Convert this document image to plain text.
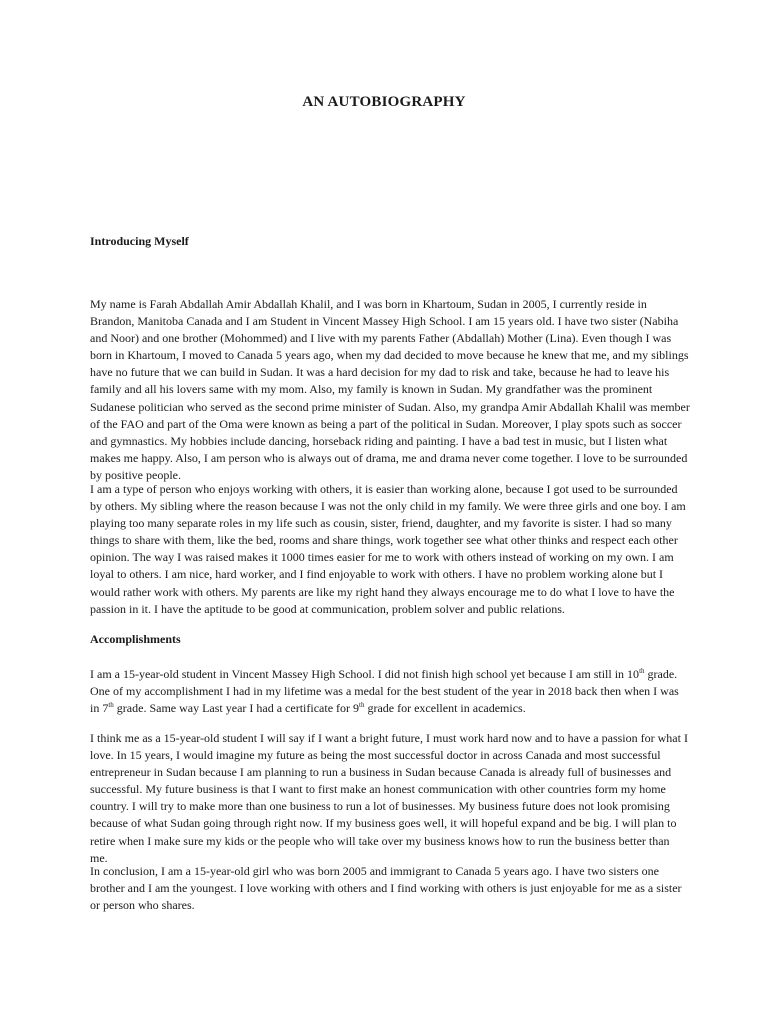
AN AUTOBIOGRAPHY
Introducing Myself
My name is Farah Abdallah Amir Abdallah Khalil, and I was born in Khartoum, Sudan in 2005, I currently reside in Brandon, Manitoba Canada and I am Student in Vincent Massey High School. I am 15 years old. I have two sister (Nabiha and Noor) and one brother (Mohommed) and I live with my parents Father (Abdallah) Mother (Lina). Even though I was born in Khartoum, I moved to Canada 5 years ago, when my dad decided to move because he knew that me, and my siblings have no future that we can build in Sudan. It was a hard decision for my dad to risk and take, because he had to leave his family and all his lovers same with my mom. Also, my family is known in Sudan. My grandfather was the prominent Sudanese politician who served as the second prime minister of Sudan. Also, my grandpa Amir Abdallah Khalil was member of the FAO and part of the Oma were known as being a part of the political in Sudan. Moreover, I play spots such as soccer and gymnastics. My hobbies include dancing, horseback riding and painting. I have a bad test in music, but I listen what makes me happy. Also, I am person who is always out of drama, me and drama never come together. I love to be surrounded by positive people.
I am a type of person who enjoys working with others, it is easier than working alone, because I got used to be surrounded by others. My sibling where the reason because I was not the only child in my family. We were three girls and one boy. I am playing too many separate roles in my life such as cousin, sister, friend, daughter, and my favorite is sister. I had so many things to share with them, like the bed, rooms and share things, work together see what other thinks and respect each other opinion. The way I was raised makes it 1000 times easier for me to work with others instead of working on my own. I am loyal to others. I am nice, hard worker, and I find enjoyable to work with others. I have no problem working alone but I would rather work with others. My parents are like my right hand they always encourage me to do what I love to have the passion in it. I have the aptitude to be good at communication, problem solver and public relations.
Accomplishments
I am a 15-year-old student in Vincent Massey High School. I did not finish high school yet because I am still in 10th grade. One of my accomplishment I had in my lifetime was a medal for the best student of the year in 2018 back then when I was in 7th grade. Same way Last year I had a certificate for 9th grade for excellent in academics.
I think me as a 15-year-old student I will say if I want a bright future, I must work hard now and to have a passion for what I love. In 15 years, I would imagine my future as being the most successful doctor in across Canada and most successful entrepreneur in Sudan because I am planning to run a business in Sudan because Canada is already full of businesses and successful. My future business is that I want to first make an honest communication with other countries form my home country. I will try to make more than one business to run a lot of businesses. My business future does not look promising because of what Sudan going through right now. If my business goes well, it will hopeful expand and be big. I will plan to retire when I make sure my kids or the people who will take over my business knows how to run the business better than me.
In conclusion, I am a 15-year-old girl who was born 2005 and immigrant to Canada 5 years ago. I have two sisters one brother and I am the youngest. I love working with others and I find working with others is just enjoyable for me as a sister or person who shares.
